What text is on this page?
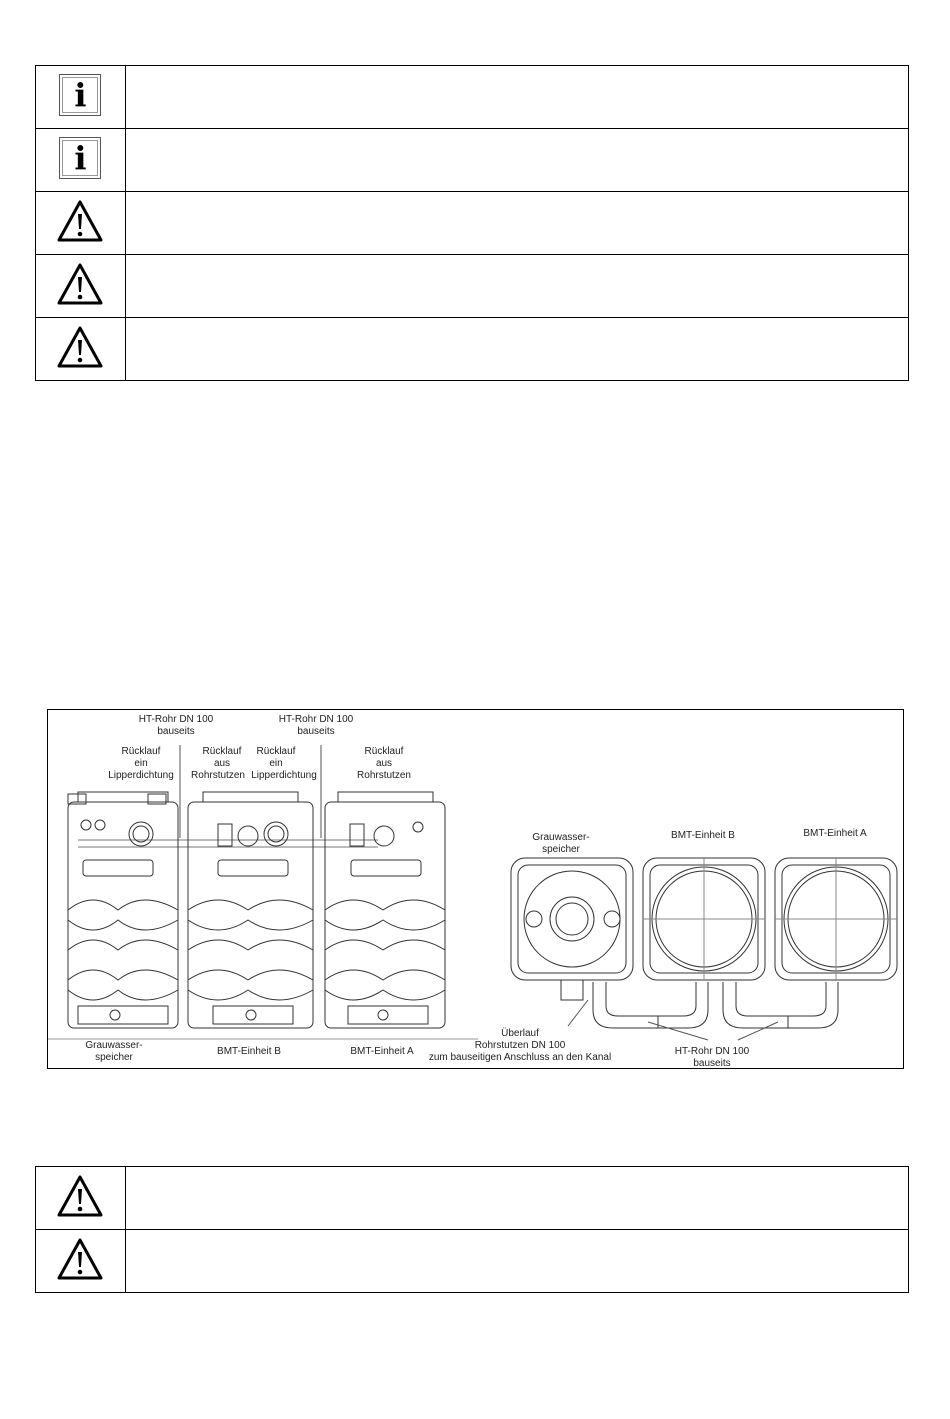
i	

i	

HT-Rohr DN 100
bauseits
HT-Rohr DN 100
bauseits
Rücklauf
ein
Lipperdichtung
Rücklauf
aus
Rohrstutzen
Rücklauf
ein
Lipperdichtung
Rücklauf
aus
Rohrstutzen
Grauwasser-
speicher
BMT-Einheit B	BMT-Einheit A
Grauwasser-
speicher
BMT-Einheit B	BMT-Einheit A
Überlauf
Rohrstutzen DN 100
zum bauseitigen Anschluss an den Kanal
HT-Rohr DN 100
bauseits
